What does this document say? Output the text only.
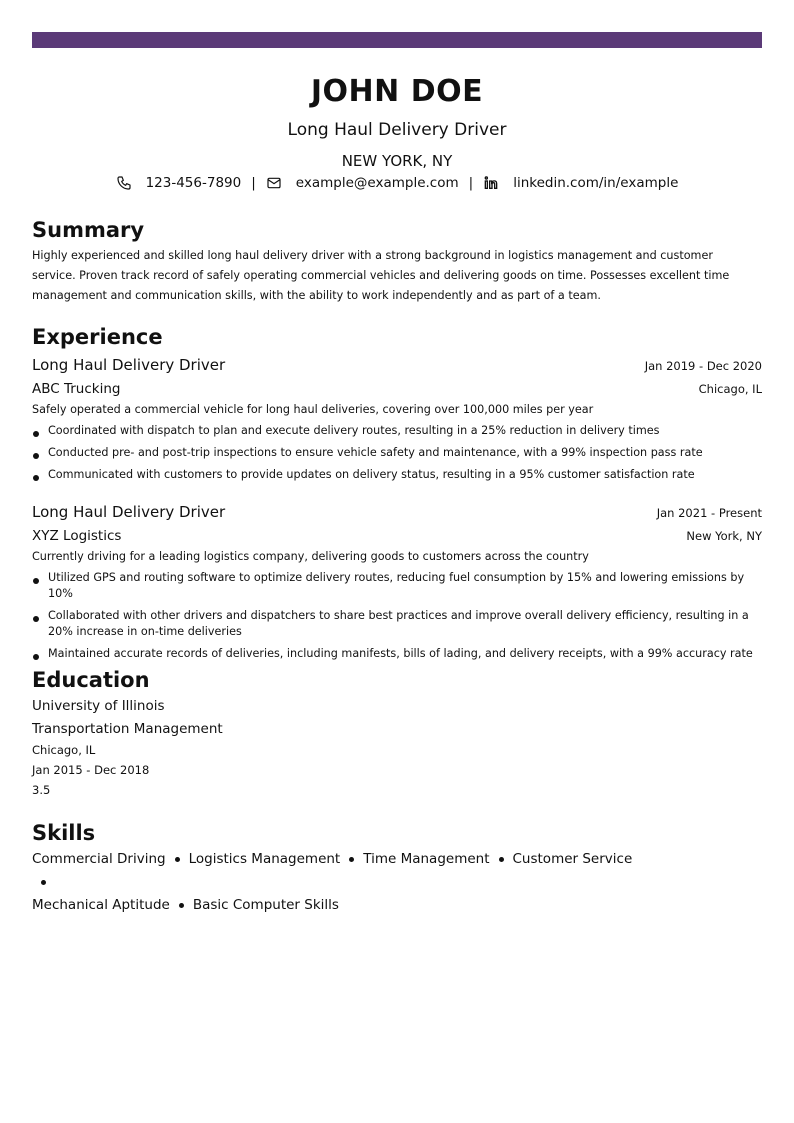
JOHN DOE
Long Haul Delivery Driver
NEW YORK, NY
123-456-7890 |	example@example.com |	linkedin.com/in/example
Summary
Highly experienced and skilled long haul delivery driver with a strong background in logistics management and customer service. Proven track record of safely operating commercial vehicles and delivering goods on time. Possesses excellent time management and communication skills, with the ability to work independently and as part of a team.
Experience
Long Haul Delivery Driver	Jan 2019 - Dec 2020
ABC Trucking	Chicago, IL
Safely operated a commercial vehicle for long haul deliveries, covering over 100,000 miles per year
Coordinated with dispatch to plan and execute delivery routes, resulting in a 25% reduction in delivery times
Conducted pre- and post-trip inspections to ensure vehicle safety and maintenance, with a 99% inspection pass rate
Communicated with customers to provide updates on delivery status, resulting in a 95% customer satisfaction rate
Long Haul Delivery Driver	Jan 2021 - Present
XYZ Logistics	New York, NY
Currently driving for a leading logistics company, delivering goods to customers across the country
Utilized GPS and routing software to optimize delivery routes, reducing fuel consumption by 15% and lowering emissions by 10%
Collaborated with other drivers and dispatchers to share best practices and improve overall delivery efficiency, resulting in a 20% increase in on-time deliveries
Maintained accurate records of deliveries, including manifests, bills of lading, and delivery receipts, with a 99% accuracy rate
Education
University of Illinois
Transportation Management
Chicago, IL
Jan 2015 - Dec 2018
3.5
Skills
Commercial Driving Logistics Management Time Management Customer Service
Mechanical Aptitude Basic Computer Skills
